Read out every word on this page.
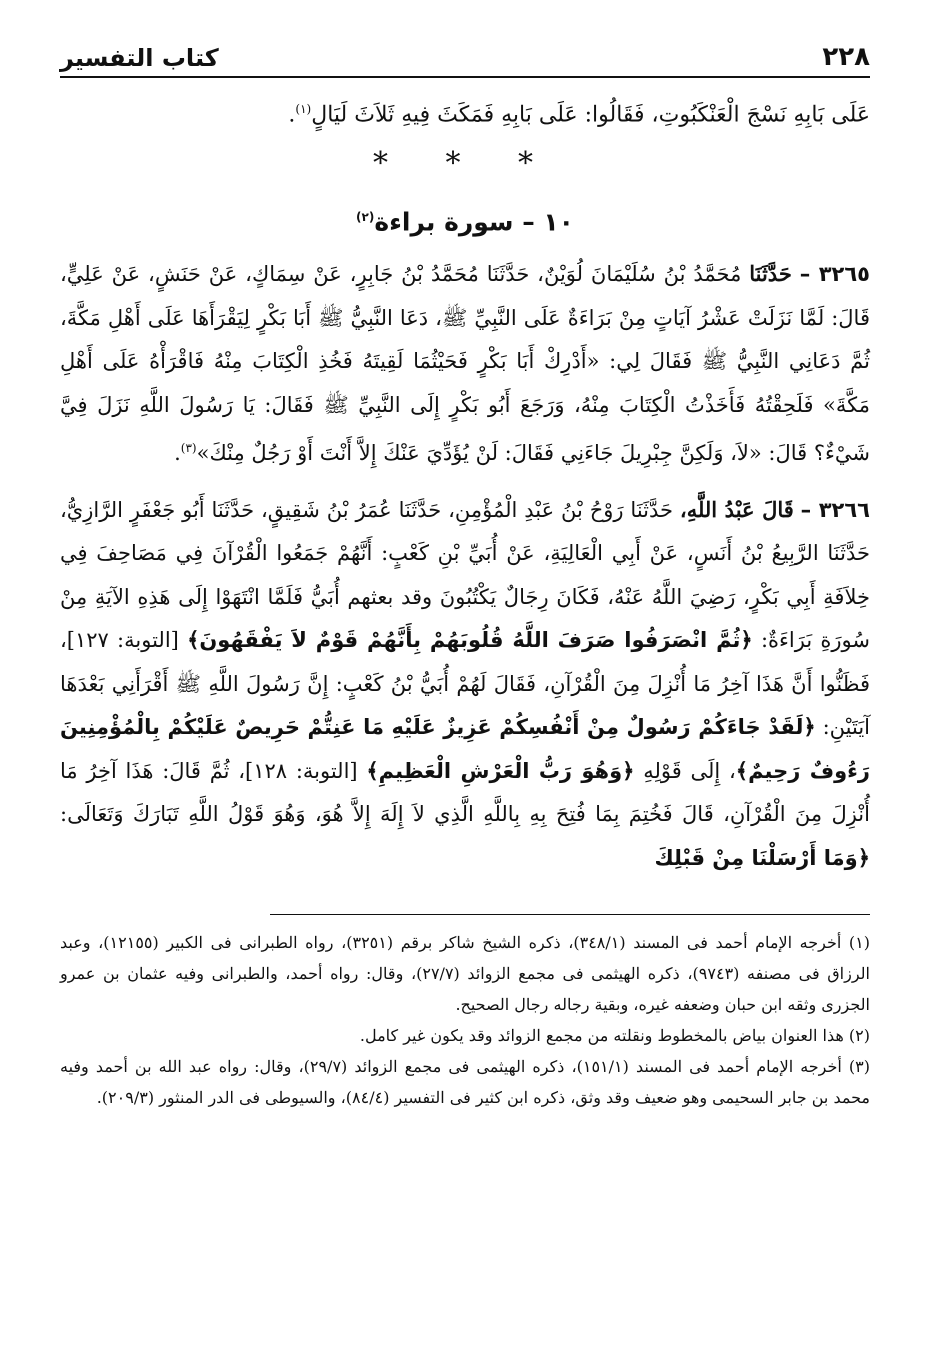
٢٢٨
كتاب التفسير

عَلَى بَابِهِ نَسْجَ الْعَنْكَبُوتِ، فَقَالُوا: عَلَى بَابِهِ فَمَكَثَ فِيهِ ثَلاَثَ لَيَالٍ$^{(١)}$.

* * *
١٠ – سورة براءة$^{(٢)}$

٣٢٦٥ – حَدَّثَنَا مُحَمَّدُ بْنُ سُلَيْمَانَ لُوَيْنٌ، حَدَّثَنَا مُحَمَّدُ بْنُ جَابِرٍ، عَنْ سِمَاكٍ، عَنْ حَنَشٍ، عَنْ عَلِيٍّ، قَالَ: لَمَّا نَزَلَتْ عَشْرُ آيَاتٍ مِنْ بَرَاءَةٌ عَلَى النَّبِيِّ ﷺ، دَعَا النَّبِيُّ ﷺ أَبَا بَكْرٍ لِيَقْرَأَهَا عَلَى أَهْلِ مَكَّةَ، ثُمَّ دَعَانِي النَّبِيُّ ﷺ فَقَالَ لِي: «أَدْرِكْ أَبَا بَكْرٍ فَحَيْثُمَا لَقِيتَهُ فَخُذِ الْكِتَابَ مِنْهُ فَاقْرَأْهُ عَلَى أَهْلِ مَكَّةَ» فَلَحِقْتُهُ فَأَخَذْتُ الْكِتَابَ مِنْهُ، وَرَجَعَ أَبُو بَكْرٍ إِلَى النَّبِيِّ ﷺ فَقَالَ: يَا رَسُولَ اللَّهِ نَزَلَ فِيَّ شَيْءٌ؟ قَالَ: «لاَ، وَلَكِنَّ جِبْرِيلَ جَاءَنِي فَقَالَ: لَنْ يُؤَدِّيَ عَنْكَ إِلاَّ أَنْتَ أَوْ رَجُلٌ مِنْكَ»$^{(٣)}$.

٣٢٦٦ – قَالَ عَبْدُ اللَّهِ، حَدَّثَنَا رَوْحُ بْنُ عَبْدِ الْمُؤْمِنِ، حَدَّثَنَا عُمَرُ بْنُ شَقِيقٍ، حَدَّثَنَا أَبُو جَعْفَرٍ الرَّازِيُّ، حَدَّثَنَا الرَّبِيعُ بْنُ أَنَسٍ، عَنْ أَبِي الْعَالِيَةِ، عَنْ أُبَيِّ بْنِ كَعْبٍ: أَنَّهُمْ جَمَعُوا الْقُرْآنَ فِي مَصَاحِفَ فِي خِلاَفَةِ أَبِي بَكْرٍ، رَضِيَ اللَّهُ عَنْهُ، فَكَانَ رِجَالٌ يَكْتُبُونَ وقد بعثهم أُبَيُّ فَلَمَّا انْتَهَوْا إِلَى هَذِهِ الآيَةِ مِنْ سُورَةِ بَرَاءَةٌ: ﴿ثُمَّ انْصَرَفُوا صَرَفَ اللَّهُ قُلُوبَهُمْ بِأَنَّهُمْ قَوْمٌ لاَ يَفْقَهُونَ﴾ [التوبة: ١٢٧]، فَظَنُّوا أَنَّ هَذَا آخِرُ مَا أُنْزِلَ مِنَ الْقُرْآنِ، فَقَالَ لَهُمْ أُبَيُّ بْنُ كَعْبٍ: إِنَّ رَسُولَ اللَّهِ ﷺ أَقْرَأَنِي بَعْدَهَا آيَتَيْنِ: ﴿لَقَدْ جَاءَكُمْ رَسُولٌ مِنْ أَنْفُسِكُمْ عَزِيزٌ عَلَيْهِ مَا عَنِتُّمْ حَرِيصٌ عَلَيْكُمْ بِالْمُؤْمِنِينَ رَءُوفٌ رَحِيمٌ﴾، إِلَى قَوْلِهِ ﴿وَهُوَ رَبُّ الْعَرْشِ الْعَظِيمِ﴾ [التوبة: ١٢٨]، ثُمَّ قَالَ: هَذَا آخِرُ مَا أُنْزِلَ مِنَ الْقُرْآنِ، قَالَ فَخُتِمَ بِمَا فُتِحَ بِهِ بِاللَّهِ الَّذِي لاَ إِلَهَ إِلاَّ هُوَ، وَهُوَ قَوْلُ اللَّهِ تَبَارَكَ وَتَعَالَى: ﴿وَمَا أَرْسَلْنَا مِنْ قَبْلِكَ

(١) أخرجه الإمام أحمد فى المسند (٣٤٨/١)، ذكره الشيخ شاكر برقم (٣٢٥١)، رواه الطبرانى فى الكبير (١٢١٥٥)، وعبد الرزاق فى مصنفه (٩٧٤٣)، ذكره الهيثمى فى مجمع الزوائد (٢٧/٧)، وقال: رواه أحمد، والطبرانى وفيه عثمان بن عمرو الجزرى وثقه ابن حبان وضعفه غيره، وبقية رجاله رجال الصحيح.

(٢) هذا العنوان بياض بالمخطوط ونقلته من مجمع الزوائد وقد يكون غير كامل.

(٣) أخرجه الإمام أحمد فى المسند (١٥١/١)، ذكره الهيثمى فى مجمع الزوائد (٢٩/٧)، وقال: رواه عبد الله بن أحمد وفيه محمد بن جابر السحيمى وهو ضعيف وقد وثق، ذكره ابن كثير فى التفسير (٨٤/٤)، والسيوطى فى الدر المنثور (٢٠٩/٣).
